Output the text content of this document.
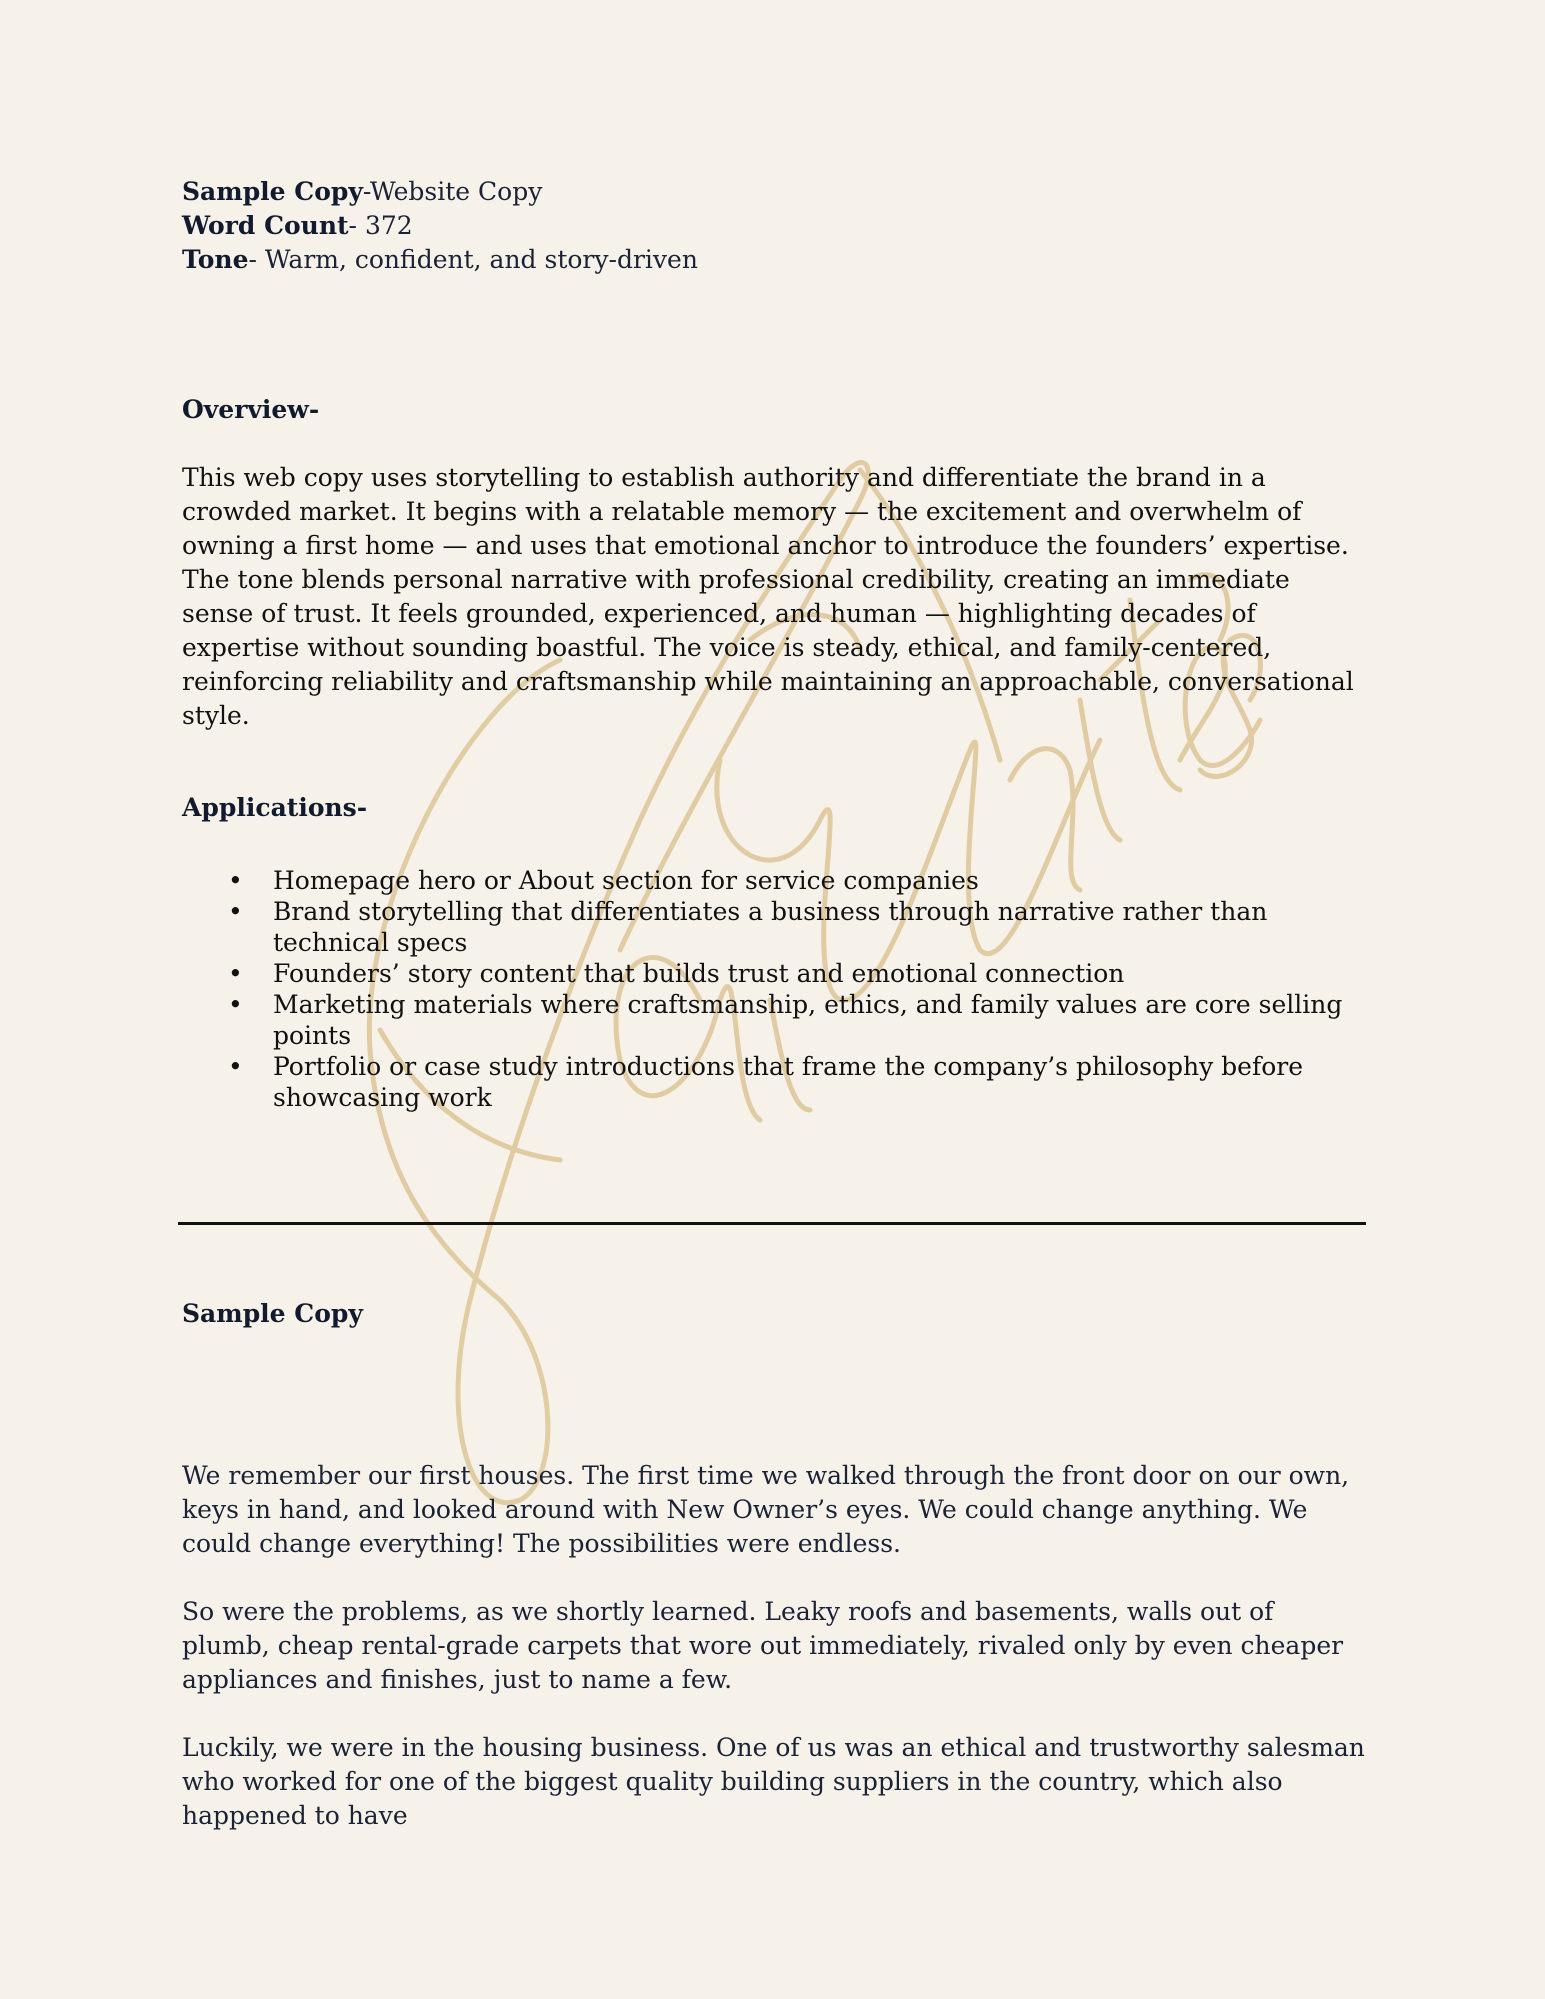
Sample Copy-Website Copy

Word Count- 372

Tone- Warm, confident, and story-driven

Overview-

This web copy uses storytelling to establish authority and differentiate the brand in a crowded market. It begins with a relatable memory — the excitement and overwhelm of owning a first home — and uses that emotional anchor to introduce the founders’ expertise. The tone blends personal narrative with professional credibility, creating an immediate sense of trust. It feels grounded, experienced, and human — highlighting decades of expertise without sounding boastful. The voice is steady, ethical, and family-centered, reinforcing reliability and craftsmanship while maintaining an approachable, conversational style.

Applications-

• Homepage hero or About section for service companies
• Brand storytelling that differentiates a business through narrative rather than technical specs
• Founders’ story content that builds trust and emotional connection
• Marketing materials where craftsmanship, ethics, and family values are core selling points
• Portfolio or case study introductions that frame the company’s philosophy before showcasing work

Sample Copy

We remember our first houses. The first time we walked through the front door on our own, keys in hand, and looked around with New Owner’s eyes. We could change anything. We could change everything! The possibilities were endless.

So were the problems, as we shortly learned. Leaky roofs and basements, walls out of plumb, cheap rental-grade carpets that wore out immediately, rivaled only by even cheaper appliances and finishes, just to name a few.

Luckily, we were in the housing business. One of us was an ethical and trustworthy salesman who worked for one of the biggest quality building suppliers in the country, which also happened to have
